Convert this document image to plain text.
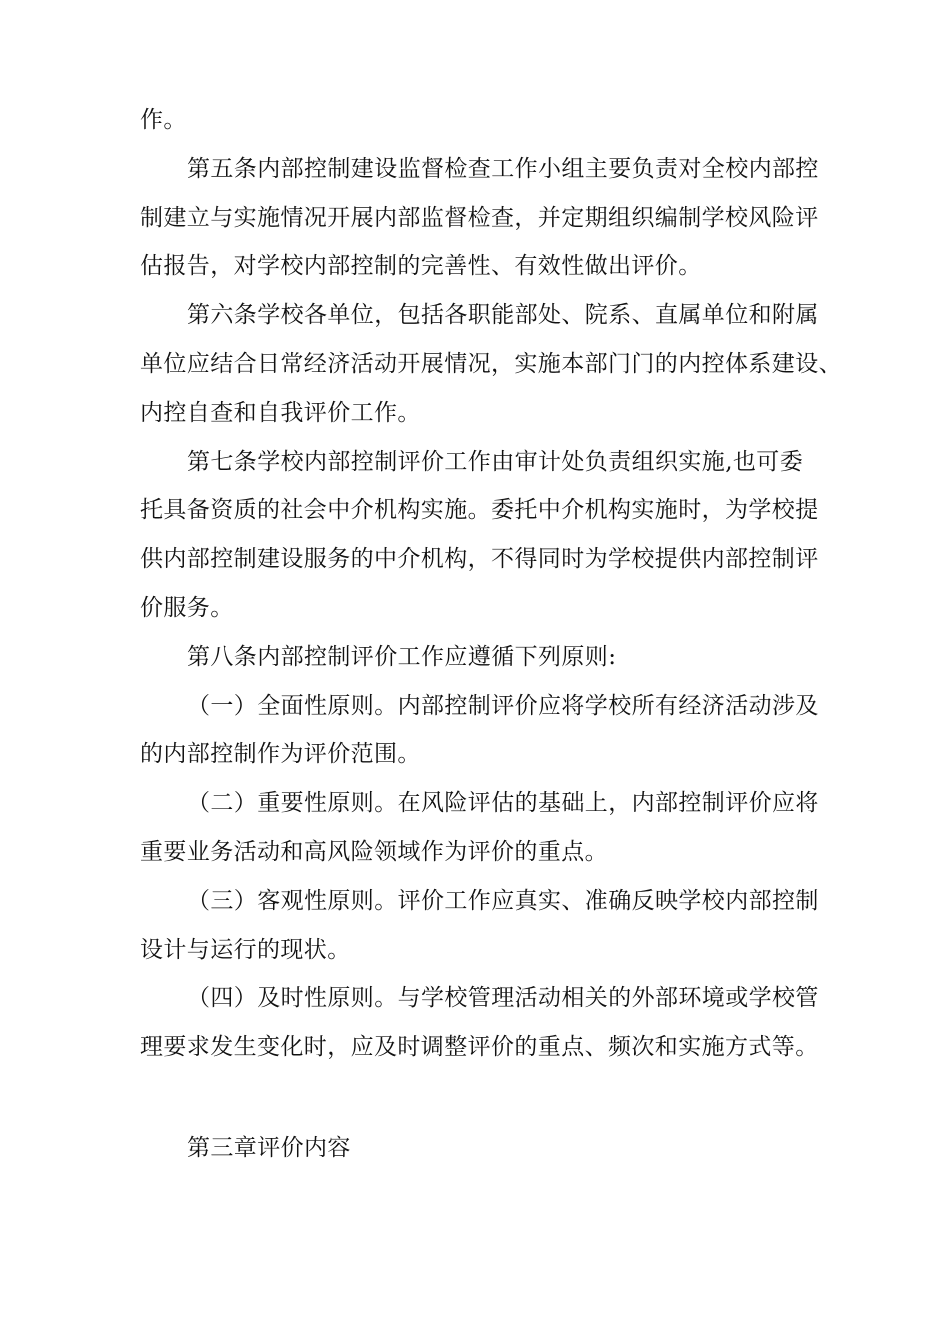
作。
第五条内部控制建设监督检查工作小组主要负责对全校内部控
制建立与实施情况开展内部监督检查，并定期组织编制学校风险评
估报告，对学校内部控制的完善性、有效性做出评价。
第六条学校各单位，包括各职能部处、院系、直属单位和附属
单位应结合日常经济活动开展情况，实施本部门门的内控体系建设、
内控自查和自我评价工作。
第七条学校内部控制评价工作由审计处负责组织实施,也可委
托具备资质的社会中介机构实施。委托中介机构实施时，为学校提
供内部控制建设服务的中介机构，不得同时为学校提供内部控制评
价服务。
第八条内部控制评价工作应遵循下列原则:
（一）全面性原则。内部控制评价应将学校所有经济活动涉及
的内部控制作为评价范围。
（二）重要性原则。在风险评估的基础上，内部控制评价应将
重要业务活动和高风险领域作为评价的重点。
（三）客观性原则。评价工作应真实、准确反映学校内部控制
设计与运行的现状。
（四）及时性原则。与学校管理活动相关的外部环境或学校管
理要求发生变化时，应及时调整评价的重点、频次和实施方式等。
第三章评价内容
